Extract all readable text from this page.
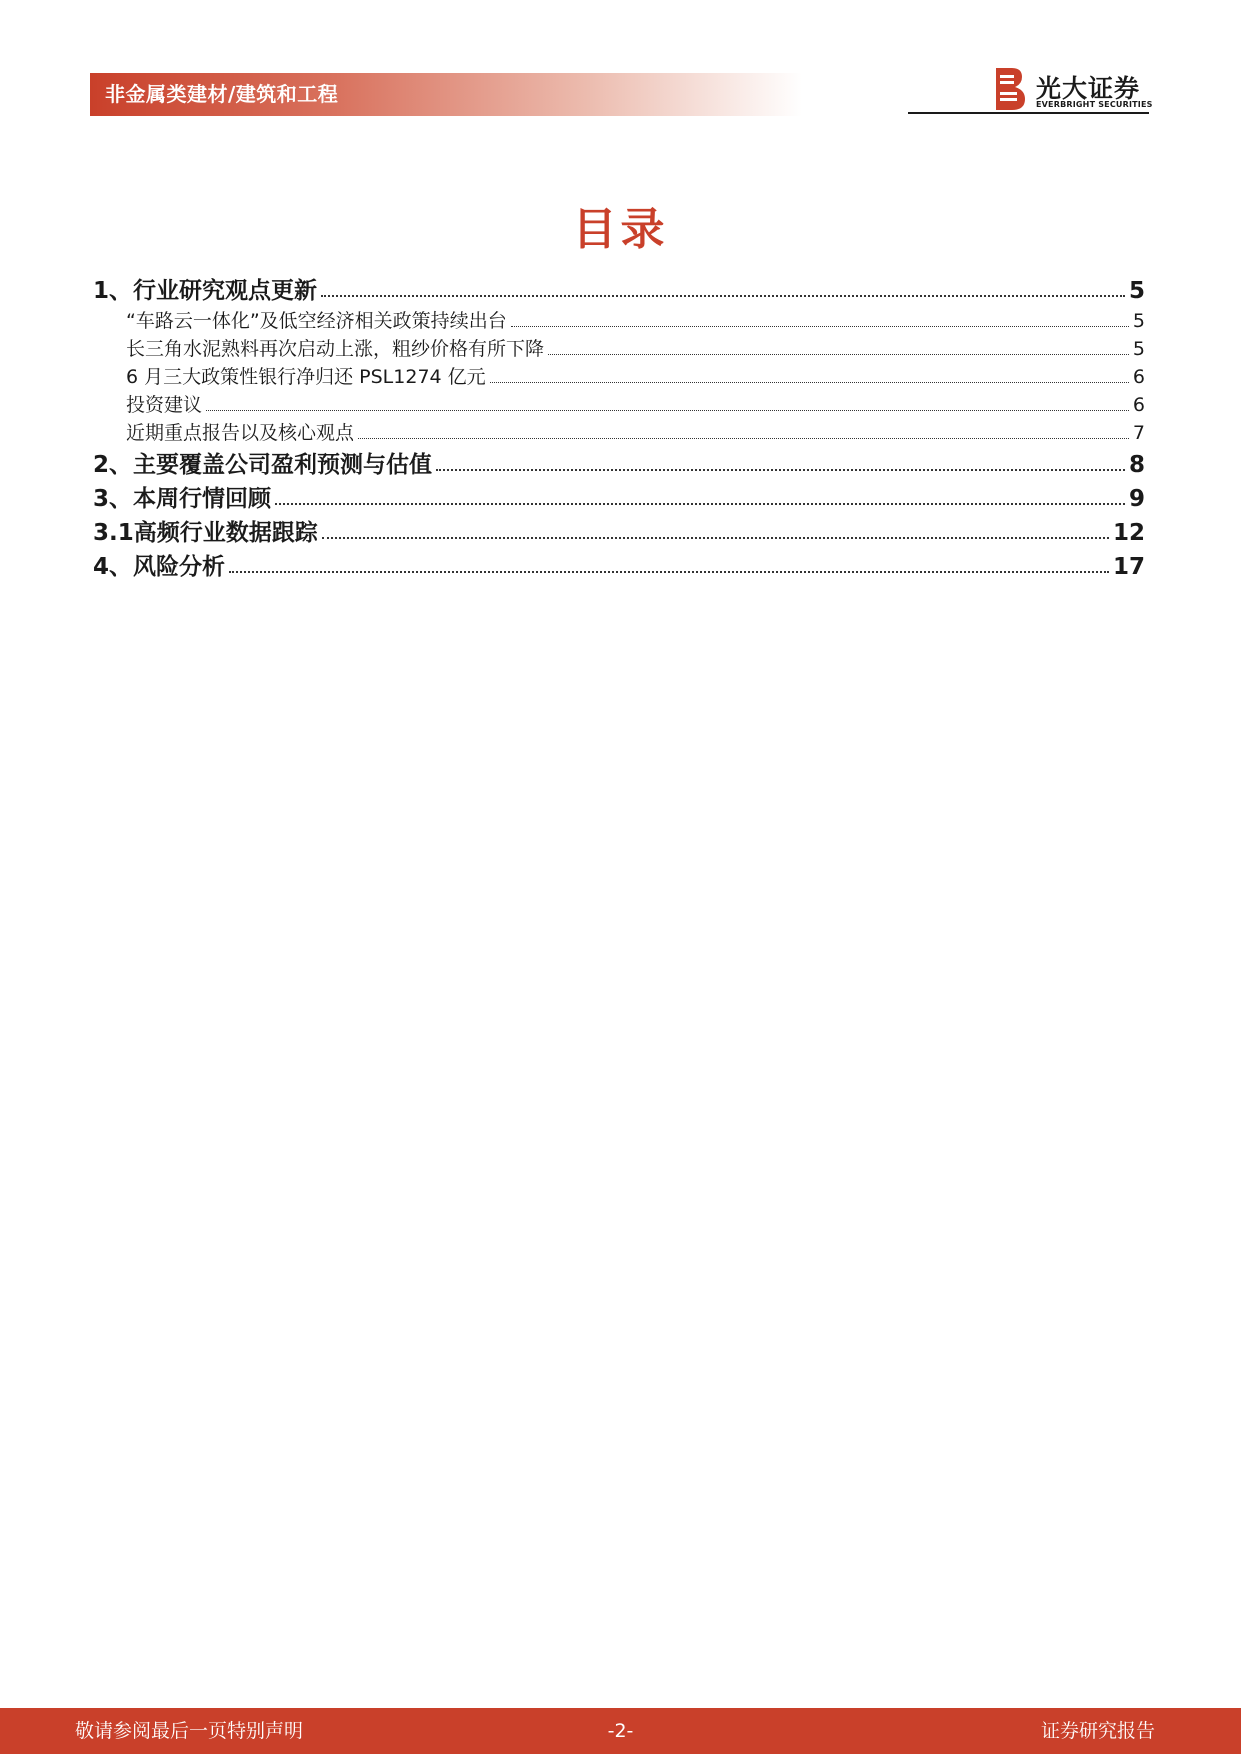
非金属类建材/建筑和工程	光大证券
EVERBRIGHT SECURITIES
目录
1、 行业研究观点更新	5
“车路云一体化”及低空经济相关政策持续出台	5
长三角水泥熟料再次启动上涨，粗纱价格有所下降	5
6 月三大政策性银行净归还 PSL1274 亿元	6
投资建议	6
近期重点报告以及核心观点	7
2、 主要覆盖公司盈利预测与估值	8
3、 本周行情回顾	9
3.1 高频行业数据跟踪	12
4、 风险分析	17
敬请参阅最后一页特别声明	-2-	证券研究报告
